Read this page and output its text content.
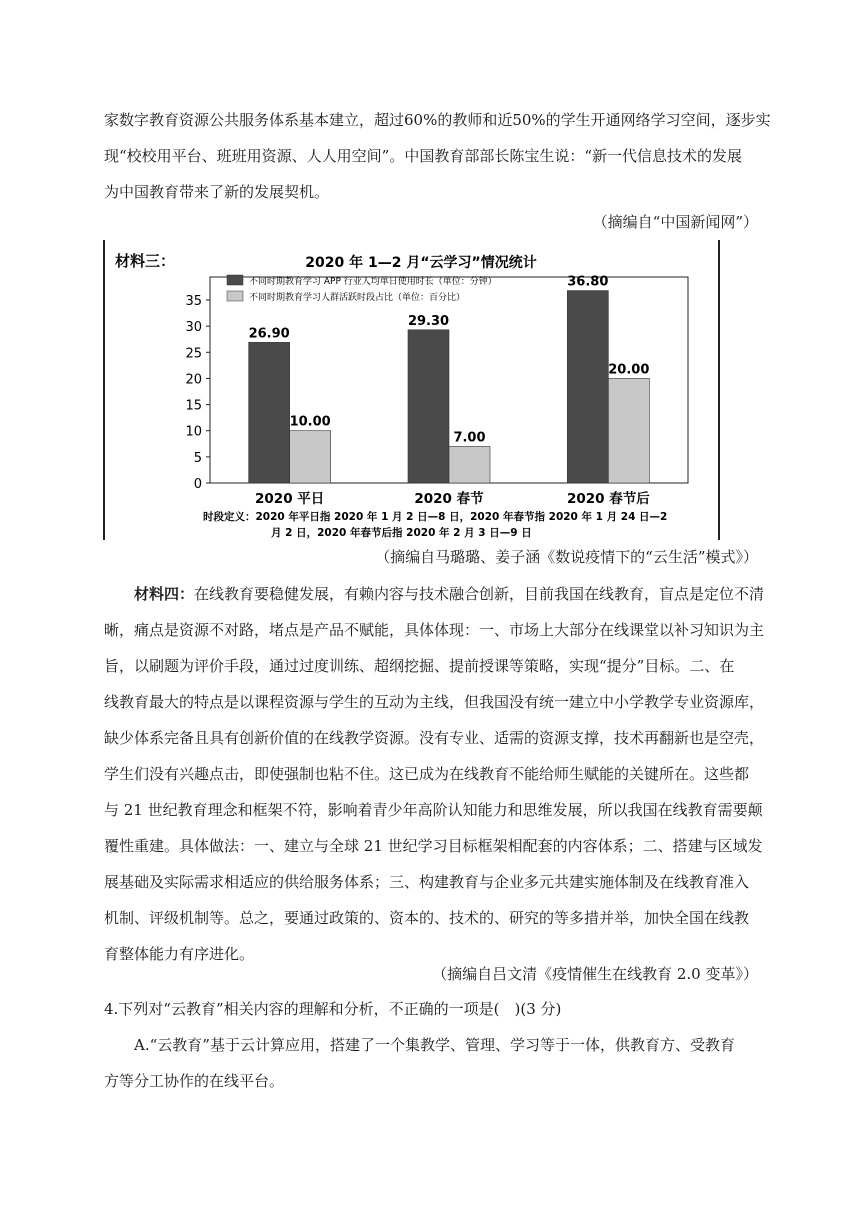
家数字教育资源公共服务体系基本建立，超过60%的教师和近50%的学生开通网络学习空间，逐步实
现“校校用平台、班班用资源、人人用空间”。中国教育部部长陈宝生说：“新一代信息技术的发展
为中国教育带来了新的发展契机。
（摘编自“中国新闻网”）
材料三：	2020 年 1—2 月“云学习”情况统计
0
5
10
15
20
25
30
35
26.90
10.00
2020 平日
29.30
7.00
2020 春节
36.80
20.00
2020 春节后
不同时期教育学习 APP 行业人均单日使用时长（单位：分钟）
不同时期教育学习人群活跃时段占比（单位：百分比）
时段定义：2020 年平日指 2020 年 1 月 2 日—8 日，2020 年春节指 2020 年 1 月 24 日—2
月 2 日，2020 年春节后指 2020 年 2 月 3 日—9 日
（摘编自马璐璐、姜子涵《数说疫情下的“云生活”模式》）
材料四：在线教育要稳健发展，有赖内容与技术融合创新，目前我国在线教育，盲点是定位不清
晰，痛点是资源不对路，堵点是产品不赋能，具体体现：一、市场上大部分在线课堂以补习知识为主
旨，以刷题为评价手段，通过过度训练、超纲挖掘、提前授课等策略，实现“提分”目标。二、在
线教育最大的特点是以课程资源与学生的互动为主线，但我国没有统一建立中小学教学专业资源库，
缺少体系完备且具有创新价值的在线教学资源。没有专业、适需的资源支撑，技术再翻新也是空壳，
学生们没有兴趣点击，即使强制也粘不住。这已成为在线教育不能给师生赋能的关键所在。这些都
与 21 世纪教育理念和框架不符，影响着青少年高阶认知能力和思维发展，所以我国在线教育需要颠
覆性重建。具体做法：一、建立与全球 21 世纪学习目标框架相配套的内容体系；二、搭建与区域发
展基础及实际需求相适应的供给服务体系；三、构建教育与企业多元共建实施体制及在线教育准入
机制、评级机制等。总之，要通过政策的、资本的、技术的、研究的等多措并举，加快全国在线教
育整体能力有序进化。
（摘编自吕文清《疫情催生在线教育 2.0 变革》）
4.下列对“云教育”相关内容的理解和分析，不正确的一项是(　)(3 分)
A.“云教育”基于云计算应用，搭建了一个集教学、管理、学习等于一体，供教育方、受教育
方等分工协作的在线平台。
